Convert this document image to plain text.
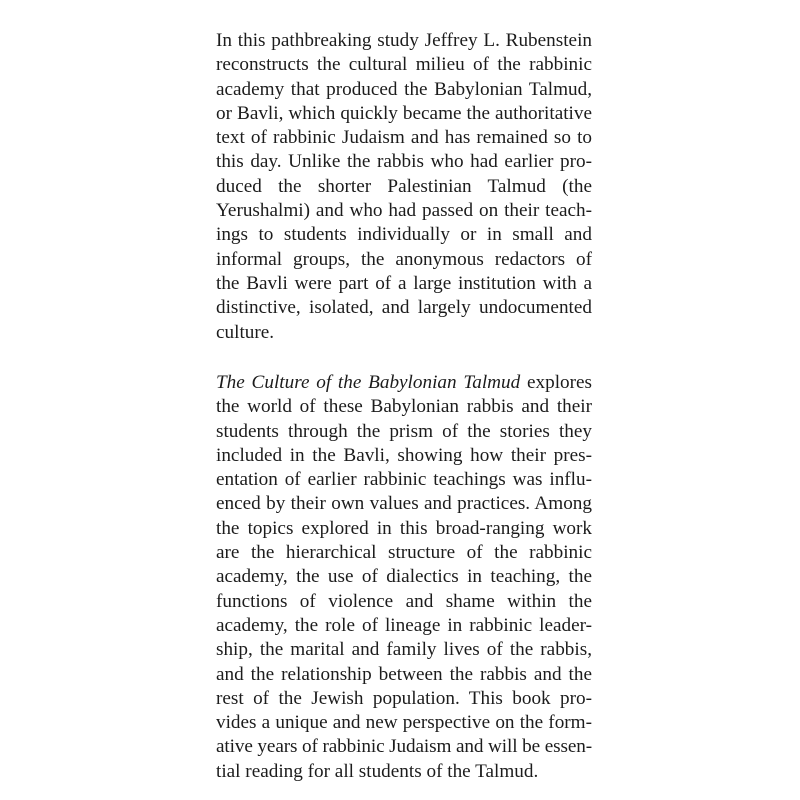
In this pathbreaking study Jeffrey L. Rubenstein
reconstructs the cultural milieu of the rabbinic
academy that produced the Babylonian Talmud,
or Bavli, which quickly became the authoritative
text of rabbinic Judaism and has remained so to
this day. Unlike the rabbis who had earlier pro-
duced the shorter Palestinian Talmud (the
Yerushalmi) and who had passed on their teach-
ings to students individually or in small and
informal groups, the anonymous redactors of
the Bavli were part of a large institution with a
distinctive, isolated, and largely undocumented
culture.
The Culture of the Babylonian Talmud explores
the world of these Babylonian rabbis and their
students through the prism of the stories they
included in the Bavli, showing how their pres-
entation of earlier rabbinic teachings was influ-
enced by their own values and practices. Among
the topics explored in this broad-ranging work
are the hierarchical structure of the rabbinic
academy, the use of dialectics in teaching, the
functions of violence and shame within the
academy, the role of lineage in rabbinic leader-
ship, the marital and family lives of the rabbis,
and the relationship between the rabbis and the
rest of the Jewish population. This book pro-
vides a unique and new perspective on the form-
ative years of rabbinic Judaism and will be essen-
tial reading for all students of the Talmud.
